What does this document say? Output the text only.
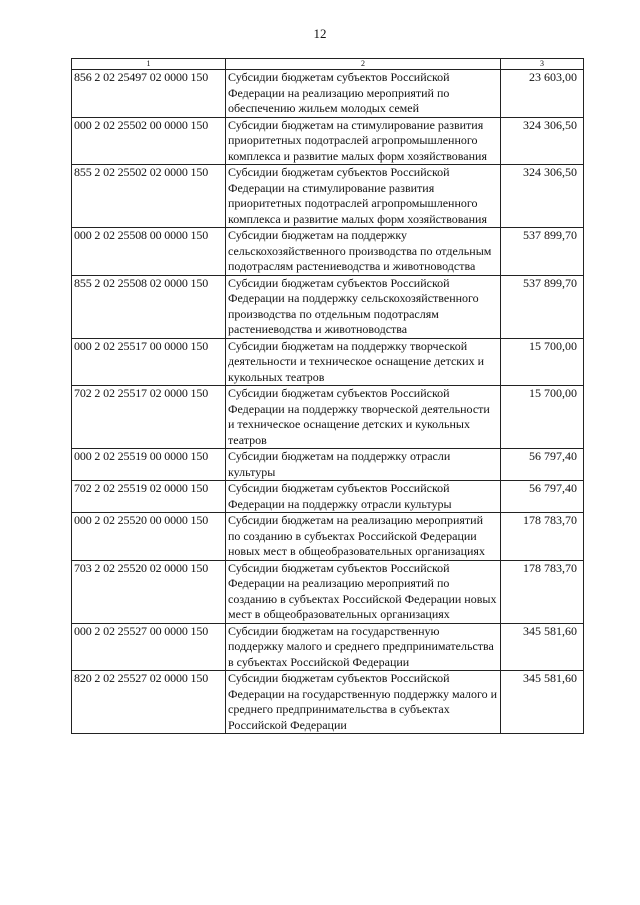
12
1	2	3
856 2 02 25497 02 0000 150	Субсидии бюджетам субъектов Российской Федерации на реализацию мероприятий по обеспечению жильем молодых семей	23 603,00
000 2 02 25502 00 0000 150	Субсидии бюджетам на стимулирование развития приоритетных подотраслей агропромышленного комплекса и развитие малых форм хозяйствования	324 306,50
855 2 02 25502 02 0000 150	Субсидии бюджетам субъектов Российской Федерации на стимулирование развития приоритетных подотраслей агропромышленного комплекса и развитие малых форм хозяйствования	324 306,50
000 2 02 25508 00 0000 150	Субсидии бюджетам на поддержку сельскохозяйственного производства по отдельным подотраслям растениеводства и животноводства	537 899,70
855 2 02 25508 02 0000 150	Субсидии бюджетам субъектов Российской Федерации на поддержку сельскохозяйственного производства по отдельным подотраслям растениеводства и животноводства	537 899,70
000 2 02 25517 00 0000 150	Субсидии бюджетам на поддержку творческой деятельности и техническое оснащение детских и кукольных театров	15 700,00
702 2 02 25517 02 0000 150	Субсидии бюджетам субъектов Российской Федерации на поддержку творческой деятельности и техническое оснащение детских и кукольных театров	15 700,00
000 2 02 25519 00 0000 150	Субсидии бюджетам на поддержку отрасли культуры	56 797,40
702 2 02 25519 02 0000 150	Субсидии бюджетам субъектов Российской Федерации на поддержку отрасли культуры	56 797,40
000 2 02 25520 00 0000 150	Субсидии бюджетам на реализацию мероприятий по созданию в субъектах Российской Федерации новых мест в общеобразовательных организациях	178 783,70
703 2 02 25520 02 0000 150	Субсидии бюджетам субъектов Российской Федерации на реализацию мероприятий по созданию в субъектах Российской Федерации новых мест в общеобразовательных организациях	178 783,70
000 2 02 25527 00 0000 150	Субсидии бюджетам на государственную поддержку малого и среднего предпринимательства в субъектах Российской Федерации	345 581,60
820 2 02 25527 02 0000 150	Субсидии бюджетам субъектов Российской Федерации на государственную поддержку малого и среднего предпринимательства в субъектах Российской Федерации	345 581,60
